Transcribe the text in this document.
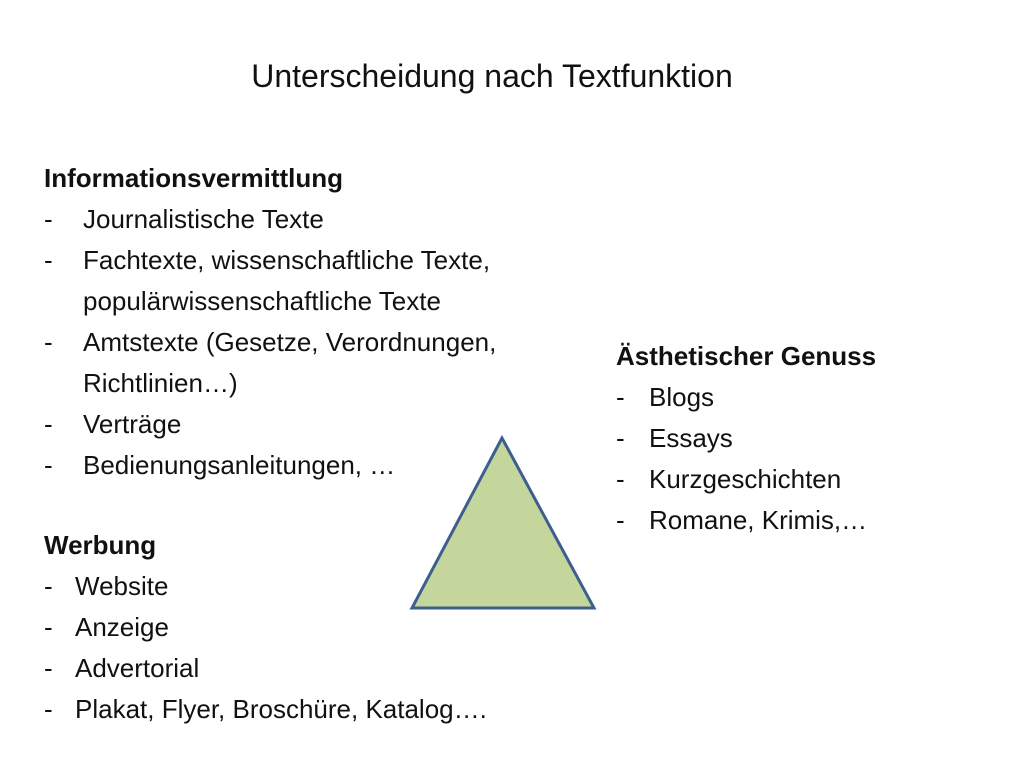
Unterscheidung nach Textfunktion
Informationsvermittlung
- Journalistische Texte
- Fachtexte, wissenschaftliche Texte,
populärwissenschaftliche Texte
- Amtstexte (Gesetze, Verordnungen,
Richtlinien…)
- Verträge
- Bedienungsanleitungen, …
Werbung
- Website
- Anzeige
- Advertorial
- Plakat, Flyer, Broschüre, Katalog….
Ästhetischer Genuss
- Blogs
- Essays
- Kurzgeschichten
- Romane, Krimis,…
